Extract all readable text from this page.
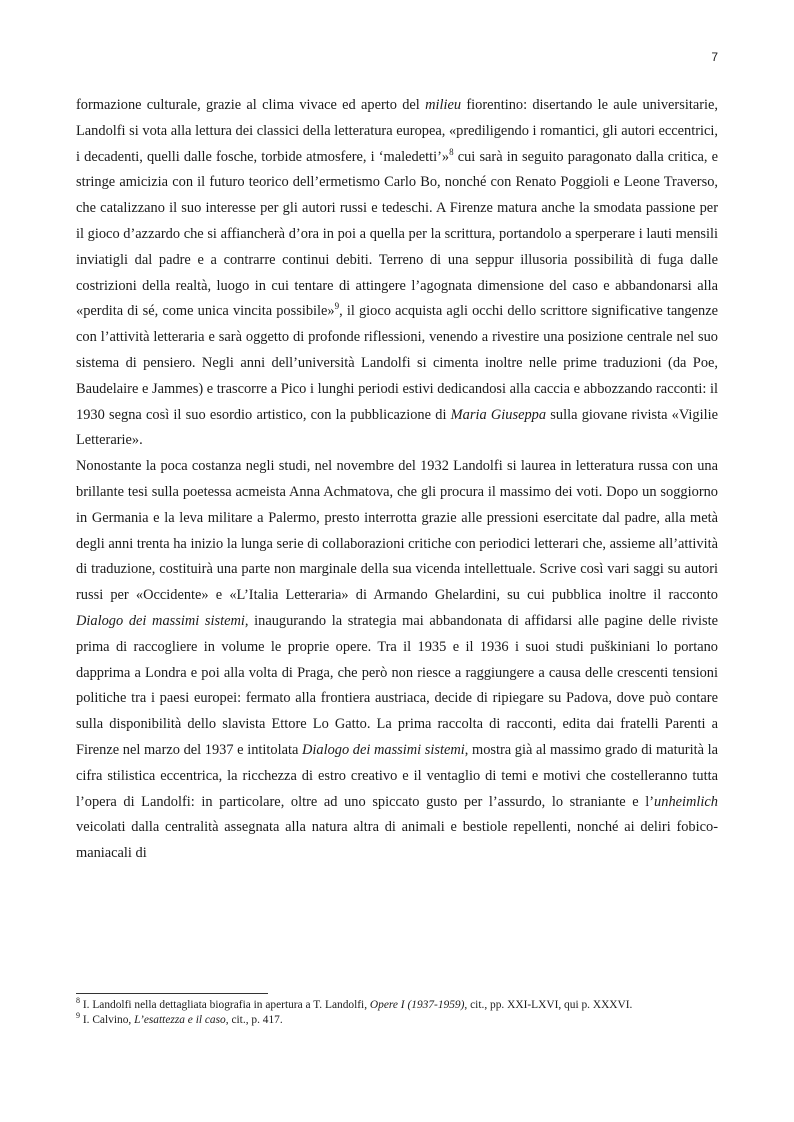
7

formazione culturale, grazie al clima vivace ed aperto del milieu fiorentino: disertando le aule universitarie, Landolfi si vota alla lettura dei classici della letteratura europea, «prediligendo i romantici, gli autori eccentrici, i decadenti, quelli dalle fosche, torbide atmosfere, i ‘maledetti’»$^8$ cui sarà in seguito paragonato dalla critica, e stringe amicizia con il futuro teorico dell’ermetismo Carlo Bo, nonché con Renato Poggioli e Leone Traverso, che catalizzano il suo interesse per gli autori russi e tedeschi. A Firenze matura anche la smodata passione per il gioco d’azzardo che si affiancherà d’ora in poi a quella per la scrittura, portandolo a sperperare i lauti mensili inviatigli dal padre e a contrarre continui debiti. Terreno di una seppur illusoria possibilità di fuga dalle costrizioni della realtà, luogo in cui tentare di attingere l’agognata dimensione del caso e abbandonarsi alla «perdita di sé, come unica vincita possibile»$^9$, il gioco acquista agli occhi dello scrittore significative tangenze con l’attività letteraria e sarà oggetto di profonde riflessioni, venendo a rivestire una posizione centrale nel suo sistema di pensiero. Negli anni dell’università Landolfi si cimenta inoltre nelle prime traduzioni (da Poe, Baudelaire e Jammes) e trascorre a Pico i lunghi periodi estivi dedicandosi alla caccia e abbozzando racconti: il 1930 segna così il suo esordio artistico, con la pubblicazione di Maria Giuseppa sulla giovane rivista «Vigilie Letterarie».

Nonostante la poca costanza negli studi, nel novembre del 1932 Landolfi si laurea in letteratura russa con una brillante tesi sulla poetessa acmeista Anna Achmatova, che gli procura il massimo dei voti. Dopo un soggiorno in Germania e la leva militare a Palermo, presto interrotta grazie alle pressioni esercitate dal padre, alla metà degli anni trenta ha inizio la lunga serie di collaborazioni critiche con periodici letterari che, assieme all’attività di traduzione, costituirà una parte non marginale della sua vicenda intellettuale. Scrive così vari saggi su autori russi per «Occidente» e «L’Italia Letteraria» di Armando Ghelardini, su cui pubblica inoltre il racconto Dialogo dei massimi sistemi, inaugurando la strategia mai abbandonata di affidarsi alle pagine delle riviste prima di raccogliere in volume le proprie opere. Tra il 1935 e il 1936 i suoi studi puškiniani lo portano dapprima a Londra e poi alla volta di Praga, che però non riesce a raggiungere a causa delle crescenti tensioni politiche tra i paesi europei: fermato alla frontiera austriaca, decide di ripiegare su Padova, dove può contare sulla disponibilità dello slavista Ettore Lo Gatto. La prima raccolta di racconti, edita dai fratelli Parenti a Firenze nel marzo del 1937 e intitolata Dialogo dei massimi sistemi, mostra già al massimo grado di maturità la cifra stilistica eccentrica, la ricchezza di estro creativo e il ventaglio di temi e motivi che costelleranno tutta l’opera di Landolfi: in particolare, oltre ad uno spiccato gusto per l’assurdo, lo straniante e l’unheimlich veicolati dalla centralità assegnata alla natura altra di animali e bestiole repellenti, nonché ai deliri fobico-maniacali di

$^8$ I. Landolfi nella dettagliata biografia in apertura a T. Landolfi, Opere I (1937-1959), cit., pp. XXI-LXVI, qui p. XXXVI.

$^9$ I. Calvino, L’esattezza e il caso, cit., p. 417.
